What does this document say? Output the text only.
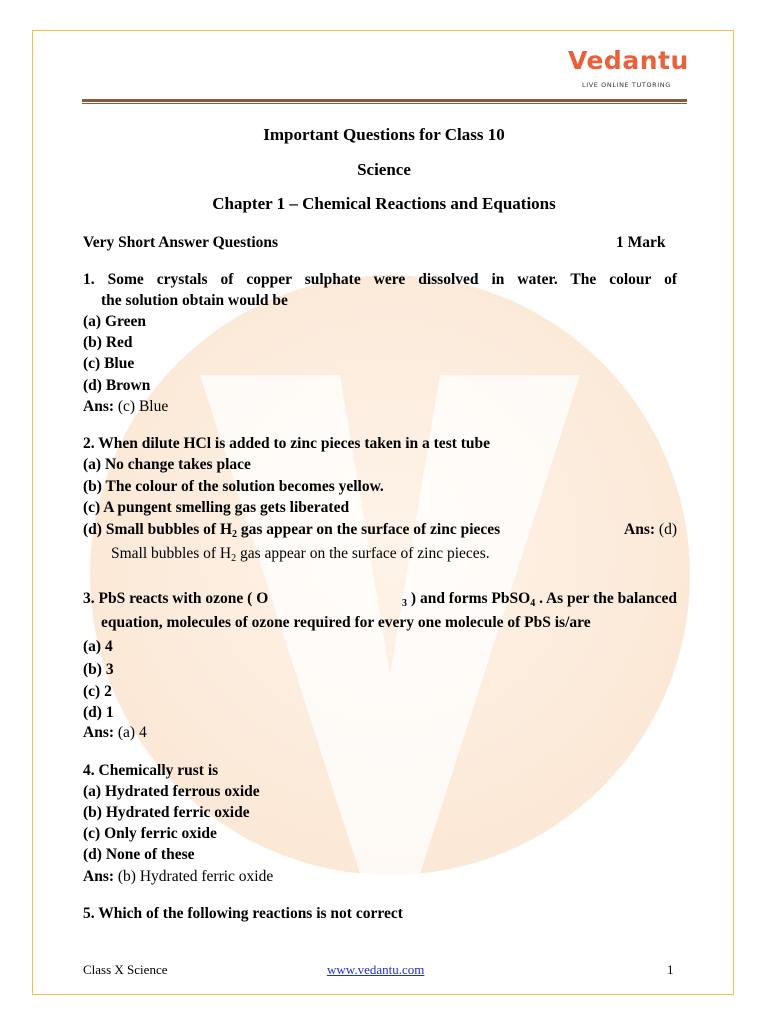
Vedantu
LIVE ONLINE TUTORING
Important Questions for Class 10
Science
Chapter 1 – Chemical Reactions and Equations
Very Short Answer Questions	1 Mark
1. Some crystals of copper sulphate were dissolved in water. The colour of
the solution obtain would be
(a) Green
(b) Red
(c) Blue
(d) Brown
Ans: (c) Blue
2. When dilute HCl is added to zinc pieces taken in a test tube
(a) No change takes place
(b) The colour of the solution becomes yellow.
(c) A pungent smelling gas gets liberated
(d) Small bubbles of $H_2$ gas appear on the surface of zinc pieces	Ans: (d)
Small bubbles of $H_2$ gas appear on the surface of zinc pieces.
3. PbS reacts with ozone ( O	$_3$ ) and forms PbSO$_4$ . As per the balanced
equation, molecules of ozone required for every one molecule of PbS is/are
(a) 4
(b) 3
(c) 2
(d) 1
Ans: (a) 4
4. Chemically rust is
(a) Hydrated ferrous oxide
(b) Hydrated ferric oxide
(c) Only ferric oxide
(d) None of these
Ans: (b) Hydrated ferric oxide
5. Which of the following reactions is not correct
Class X Science	www.vedantu.com	1
